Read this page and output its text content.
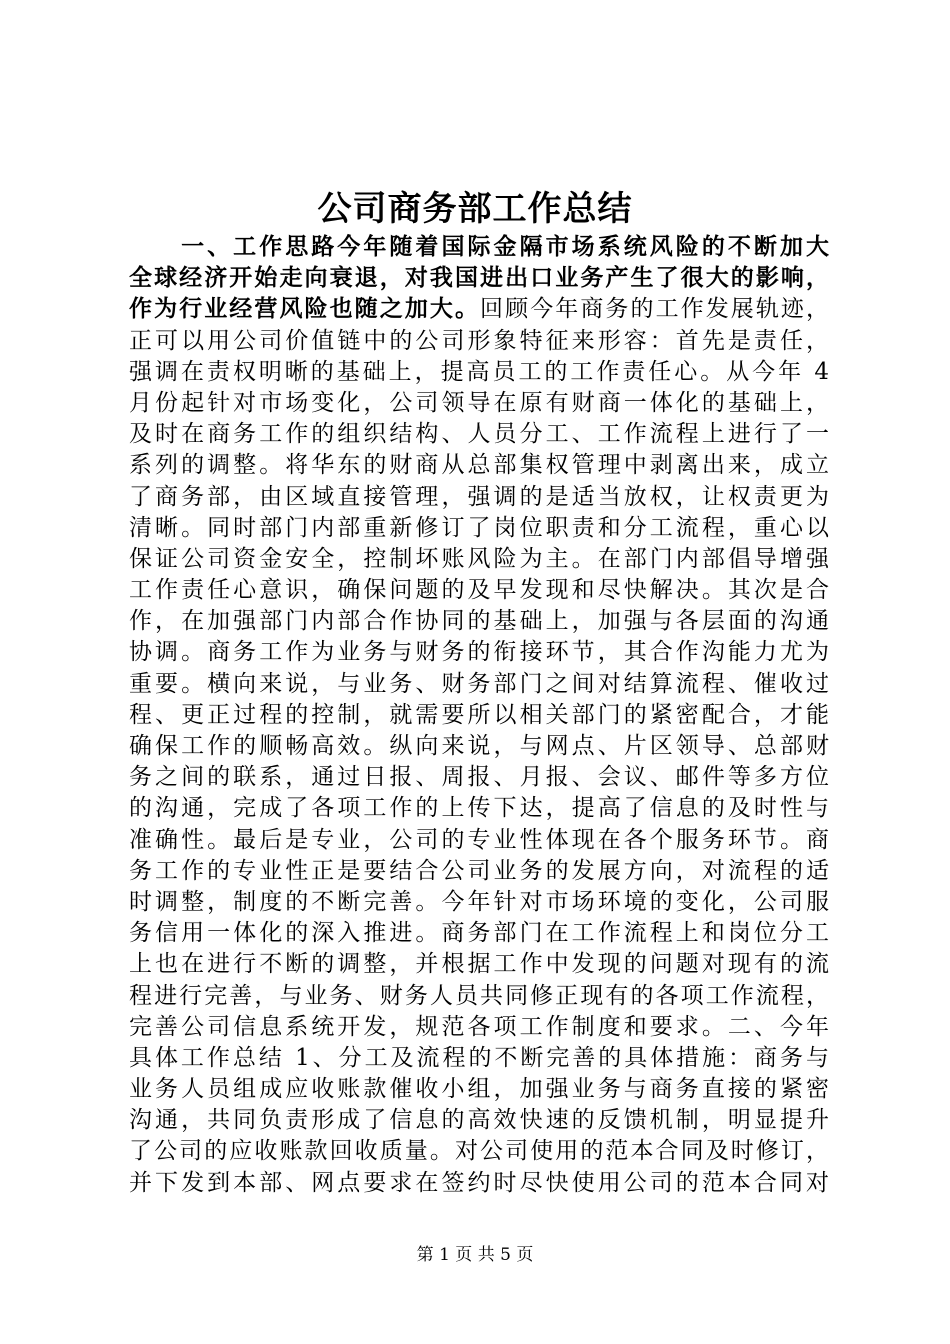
公司商务部工作总结
　　一、工作思路今年随着国际金隔市场系统风险的不断加大
全球经济开始走向衰退，对我国进出口业务产生了很大的影响，
作为行业经营风险也随之加大。回顾今年商务的工作发展轨迹，
正可以用公司价值链中的公司形象特征来形容：首先是责任，
强调在责权明晰的基础上，提高员工的工作责任心。从今年 4
月份起针对市场变化，公司领导在原有财商一体化的基础上，
及时在商务工作的组织结构、人员分工、工作流程上进行了一
系列的调整。将华东的财商从总部集权管理中剥离出来，成立
了商务部，由区域直接管理，强调的是适当放权，让权责更为
清晰。同时部门内部重新修订了岗位职责和分工流程，重心以
保证公司资金安全，控制坏账风险为主。在部门内部倡导增强
工作责任心意识，确保问题的及早发现和尽快解决。其次是合
作，在加强部门内部合作协同的基础上，加强与各层面的沟通
协调。商务工作为业务与财务的衔接环节，其合作沟能力尤为
重要。横向来说，与业务、财务部门之间对结算流程、催收过
程、更正过程的控制，就需要所以相关部门的紧密配合，才能
确保工作的顺畅高效。纵向来说，与网点、片区领导、总部财
务之间的联系，通过日报、周报、月报、会议、邮件等多方位
的沟通，完成了各项工作的上传下达，提高了信息的及时性与
准确性。最后是专业，公司的专业性体现在各个服务环节。商
务工作的专业性正是要结合公司业务的发展方向，对流程的适
时调整，制度的不断完善。今年针对市场环境的变化，公司服
务信用一体化的深入推进。商务部门在工作流程上和岗位分工
上也在进行不断的调整，并根据工作中发现的问题对现有的流
程进行完善，与业务、财务人员共同修正现有的各项工作流程，
完善公司信息系统开发，规范各项工作制度和要求。二、今年
具体工作总结 1、分工及流程的不断完善的具体措施：商务与
业务人员组成应收账款催收小组，加强业务与商务直接的紧密
沟通，共同负责形成了信息的高效快速的反馈机制，明显提升
了公司的应收账款回收质量。对公司使用的范本合同及时修订，
并下发到本部、网点要求在签约时尽快使用公司的范本合同对
第 1 页 共 5 页
